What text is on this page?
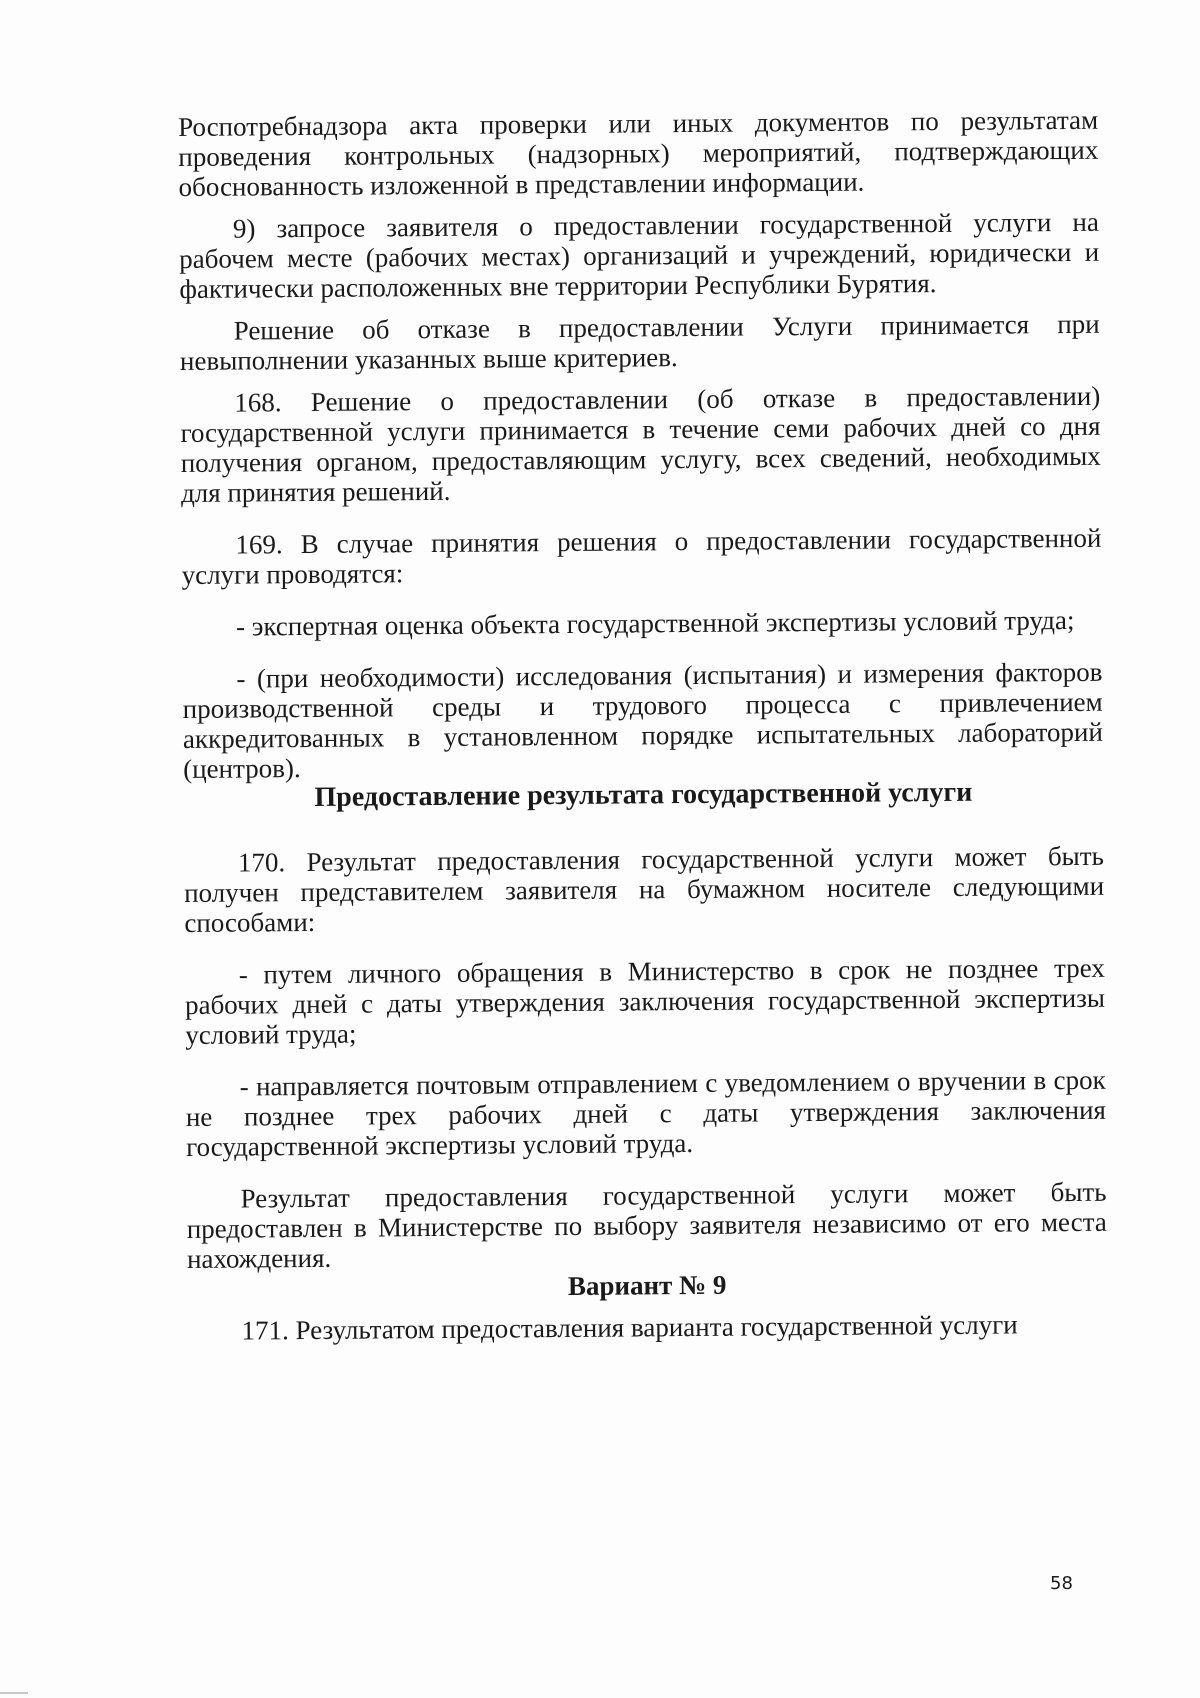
Роспотребнадзора акта проверки или иных документов по результатам проведения контрольных (надзорных) мероприятий, подтверждающих обоснованность изложенной в представлении информации.

9) запросе заявителя о предоставлении государственной услуги на рабочем месте (рабочих местах) организаций и учреждений, юридически и фактически расположенных вне территории Республики Бурятия.

Решение об отказе в предоставлении Услуги принимается при невыполнении указанных выше критериев.

168. Решение о предоставлении (об отказе в предоставлении) государственной услуги принимается в течение семи рабочих дней со дня получения органом, предоставляющим услугу, всех сведений, необходимых для принятия решений.

169. В случае принятия решения о предоставлении государственной услуги проводятся:

- экспертная оценка объекта государственной экспертизы условий труда;

- (при необходимости) исследования (испытания) и измерения факторов производственной среды и трудового процесса с привлечением аккредитованных в установленном порядке испытательных лабораторий (центров).

Предоставление результата государственной услуги

170. Результат предоставления государственной услуги может быть получен представителем заявителя на бумажном носителе следующими способами:

- путем личного обращения в Министерство в срок не позднее трех рабочих дней с даты утверждения заключения государственной экспертизы условий труда;

- направляется почтовым отправлением с уведомлением о вручении в срок не позднее трех рабочих дней с даты утверждения заключения государственной экспертизы условий труда.

Результат предоставления государственной услуги может быть предоставлен в Министерстве по выбору заявителя независимо от его места нахождения.

Вариант № 9

171. Результатом предоставления варианта государственной услуги

58
